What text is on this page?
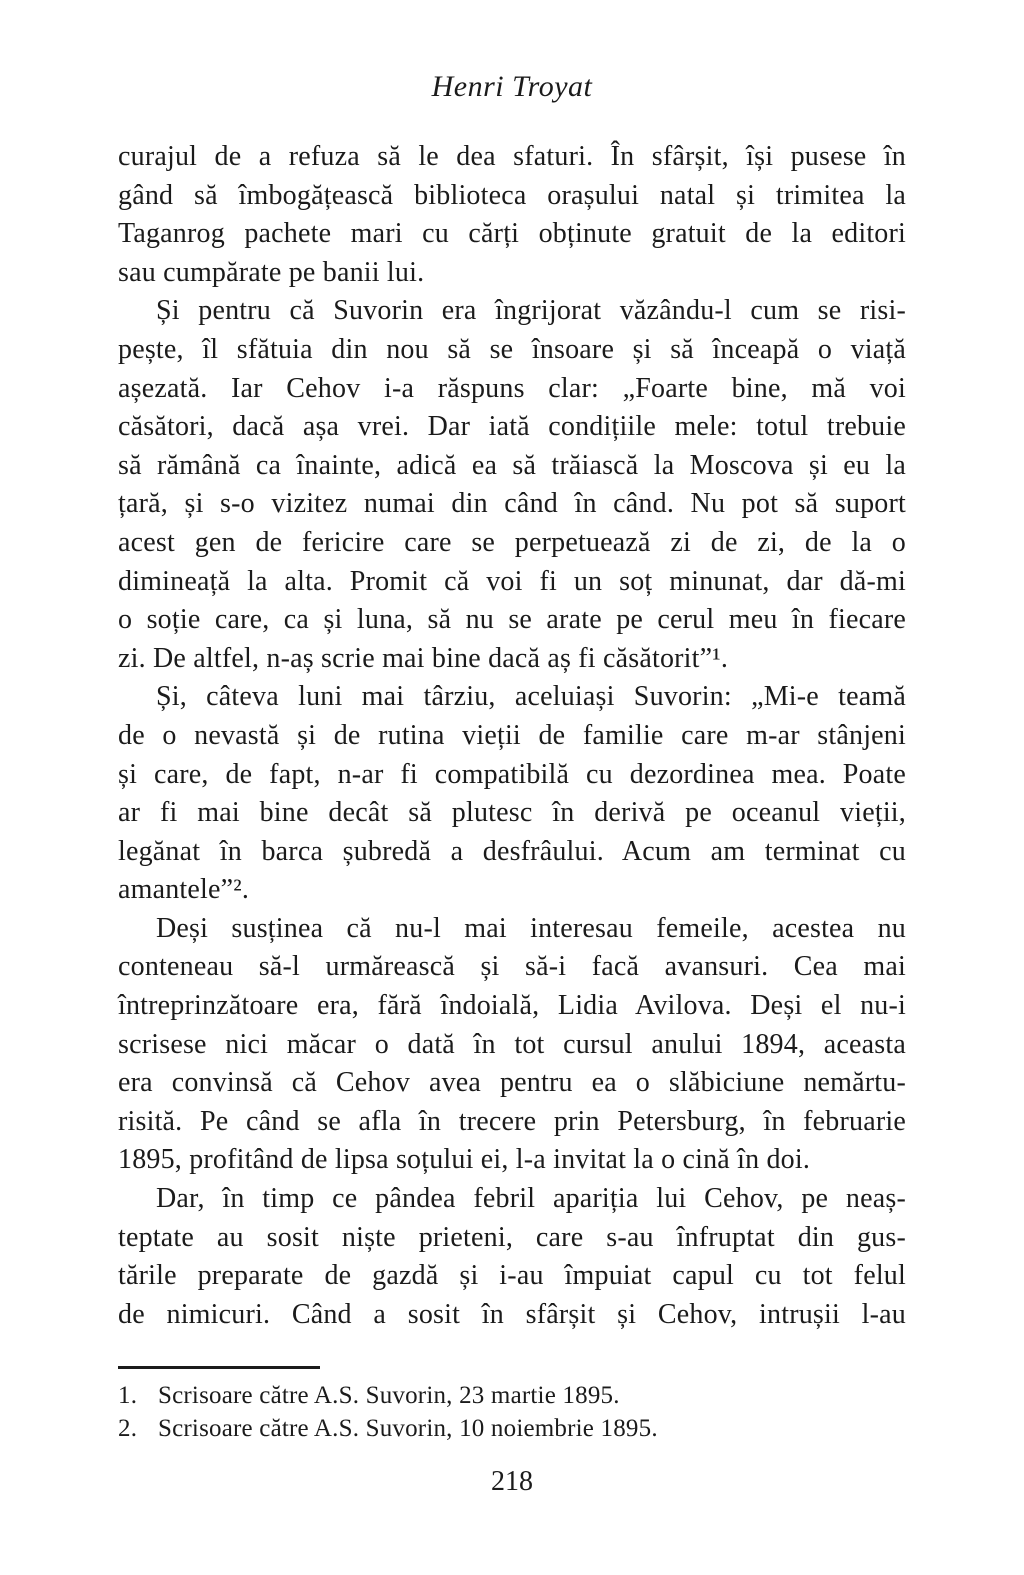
Henri Troyat
curajul de a refuza să le dea sfaturi. În sfârșit, își pusese în
gând să îmbogățească biblioteca orașului natal și trimitea la
Taganrog pachete mari cu cărți obținute gratuit de la editori
sau cumpărate pe banii lui.
Și pentru că Suvorin era îngrijorat văzându-l cum se risi-
pește, îl sfătuia din nou să se însoare și să înceapă o viață
așezată. Iar Cehov i-a răspuns clar: „Foarte bine, mă voi
căsători, dacă așa vrei. Dar iată condițiile mele: totul trebuie
să rămână ca înainte, adică ea să trăiască la Moscova și eu la
țară, și s-o vizitez numai din când în când. Nu pot să suport
acest gen de fericire care se perpetuează zi de zi, de la o
dimineață la alta. Promit că voi fi un soț minunat, dar dă-mi
o soție care, ca și luna, să nu se arate pe cerul meu în fiecare
zi. De altfel, n-aș scrie mai bine dacă aș fi căsătorit”¹.
Și, câteva luni mai târziu, aceluiași Suvorin: „Mi-e teamă
de o nevastă și de rutina vieții de familie care m-ar stânjeni
și care, de fapt, n-ar fi compatibilă cu dezordinea mea. Poate
ar fi mai bine decât să plutesc în derivă pe oceanul vieții,
legănat în barca șubredă a desfrâului. Acum am terminat cu
amantele”².
Deși susținea că nu-l mai interesau femeile, acestea nu
conteneau să-l urmărească și să-i facă avansuri. Cea mai
întreprinzătoare era, fără îndoială, Lidia Avilova. Deși el nu-i
scrisese nici măcar o dată în tot cursul anului 1894, aceasta
era convinsă că Cehov avea pentru ea o slăbiciune nemărtu-
risită. Pe când se afla în trecere prin Petersburg, în februarie
1895, profitând de lipsa soțului ei, l-a invitat la o cină în doi.
Dar, în timp ce pândea febril apariția lui Cehov, pe neaș-
teptate au sosit niște prieteni, care s-au înfruptat din gus-
tările preparate de gazdă și i-au împuiat capul cu tot felul
de nimicuri. Când a sosit în sfârșit și Cehov, intrușii l-au
1. Scrisoare către A.S. Suvorin, 23 martie 1895.
2. Scrisoare către A.S. Suvorin, 10 noiembrie 1895.
218
